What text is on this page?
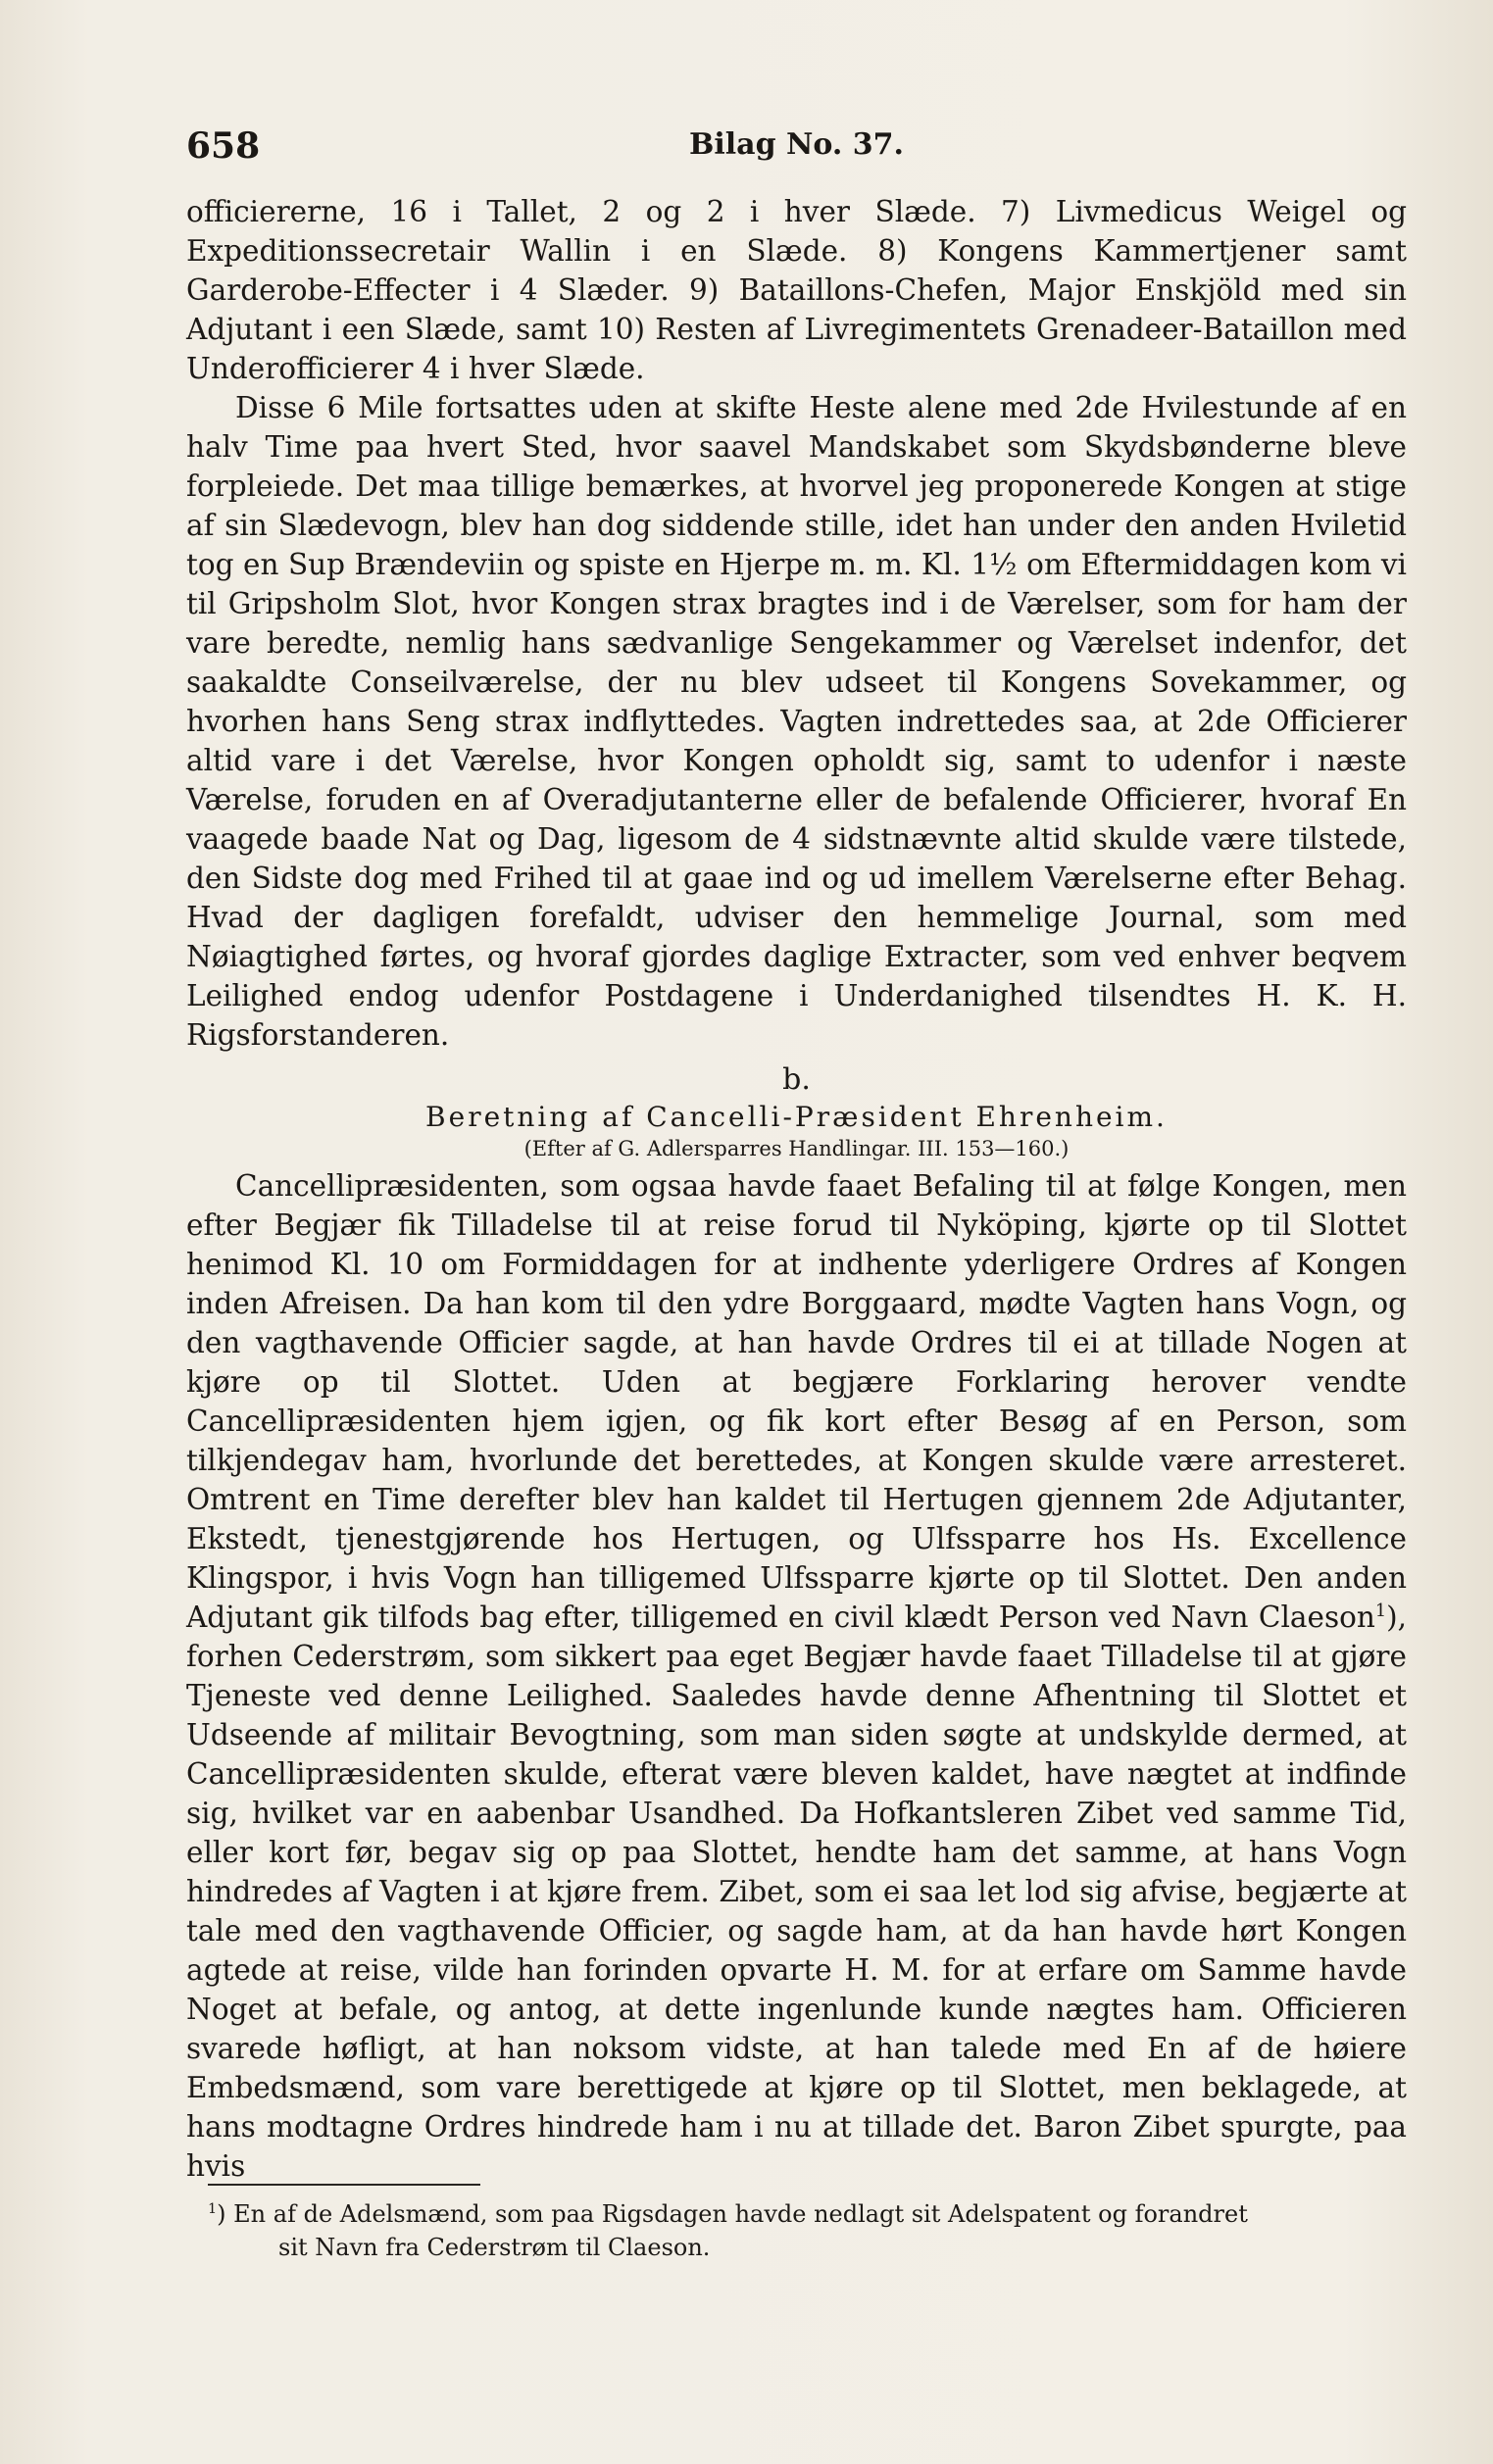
658	Bilag No. 37.

officiererne, 16 i Tallet, 2 og 2 i hver Slæde. 7) Livmedicus Weigel og Expeditionssecretair Wallin i en Slæde. 8) Kongens Kammertjener samt Garderobe-Effecter i 4 Slæder. 9) Bataillons-Chefen, Major Enskjöld med sin Adjutant i een Slæde, samt 10) Resten af Livregimentets Grenadeer-Bataillon med Underofficierer 4 i hver Slæde.

Disse 6 Mile fortsattes uden at skifte Heste alene med 2de Hvilestunde af en halv Time paa hvert Sted, hvor saavel Mandskabet som Skydsbønderne bleve forpleiede. Det maa tillige bemærkes, at hvorvel jeg proponerede Kongen at stige af sin Slædevogn, blev han dog siddende stille, idet han under den anden Hviletid tog en Sup Brændeviin og spiste en Hjerpe m. m. Kl. 1½ om Eftermiddagen kom vi til Gripsholm Slot, hvor Kongen strax bragtes ind i de Værelser, som for ham der vare beredte, nemlig hans sædvanlige Sengekammer og Værelset indenfor, det saakaldte Conseilværelse, der nu blev udseet til Kongens Sovekammer, og hvorhen hans Seng strax indflyttedes. Vagten indrettedes saa, at 2de Officierer altid vare i det Værelse, hvor Kongen opholdt sig, samt to udenfor i næste Værelse, foruden en af Overadjutanterne eller de befalende Officierer, hvoraf En vaagede baade Nat og Dag, ligesom de 4 sidstnævnte altid skulde være tilstede, den Sidste dog med Frihed til at gaae ind og ud imellem Værelserne efter Behag. Hvad der dagligen forefaldt, udviser den hemmelige Journal, som med Nøiagtighed førtes, og hvoraf gjordes daglige Extracter, som ved enhver beqvem Leilighed endog udenfor Postdagene i Underdanighed tilsendtes H. K. H. Rigsforstanderen.

b.

Beretning af Cancelli-Præsident Ehrenheim.

(Efter af G. Adlersparres Handlingar. III. 153—160.)

Cancellipræsidenten, som ogsaa havde faaet Befaling til at følge Kongen, men efter Begjær fik Tilladelse til at reise forud til Nyköping, kjørte op til Slottet henimod Kl. 10 om Formiddagen for at indhente yderligere Ordres af Kongen inden Afreisen. Da han kom til den ydre Borggaard, mødte Vagten hans Vogn, og den vagthavende Officier sagde, at han havde Ordres til ei at tillade Nogen at kjøre op til Slottet. Uden at begjære Forklaring herover vendte Cancellipræsidenten hjem igjen, og fik kort efter Besøg af en Person, som tilkjendegav ham, hvorlunde det berettedes, at Kongen skulde være arresteret. Omtrent en Time derefter blev han kaldet til Hertugen gjennem 2de Adjutanter, Ekstedt, tjenestgjørende hos Hertugen, og Ulfssparre hos Hs. Excellence Klingspor, i hvis Vogn han tilligemed Ulfssparre kjørte op til Slottet. Den anden Adjutant gik tilfods bag efter, tilligemed en civil klædt Person ved Navn Claeson$^1$), forhen Cederstrøm, som sikkert paa eget Begjær havde faaet Tilladelse til at gjøre Tjeneste ved denne Leilighed. Saaledes havde denne Afhentning til Slottet et Udseende af militair Bevogtning, som man siden søgte at undskylde dermed, at Cancellipræsidenten skulde, efterat være bleven kaldet, have nægtet at indfinde sig, hvilket var en aabenbar Usandhed. Da Hofkantsleren Zibet ved samme Tid, eller kort før, begav sig op paa Slottet, hendte ham det samme, at hans Vogn hindredes af Vagten i at kjøre frem. Zibet, som ei saa let lod sig afvise, begjærte at tale med den vagthavende Officier, og sagde ham, at da han havde hørt Kongen agtede at reise, vilde han forinden opvarte H. M. for at erfare om Samme havde Noget at befale, og antog, at dette ingenlunde kunde nægtes ham. Officieren svarede høfligt, at han noksom vidste, at han talede med En af de høiere Embedsmænd, som vare berettigede at kjøre op til Slottet, men beklagede, at hans modtagne Ordres hindrede ham i nu at tillade det. Baron Zibet spurgte, paa hvis

$^1$) En af de Adelsmænd, som paa Rigsdagen havde nedlagt sit Adelspatent og forandret

sit Navn fra Cederstrøm til Claeson.
